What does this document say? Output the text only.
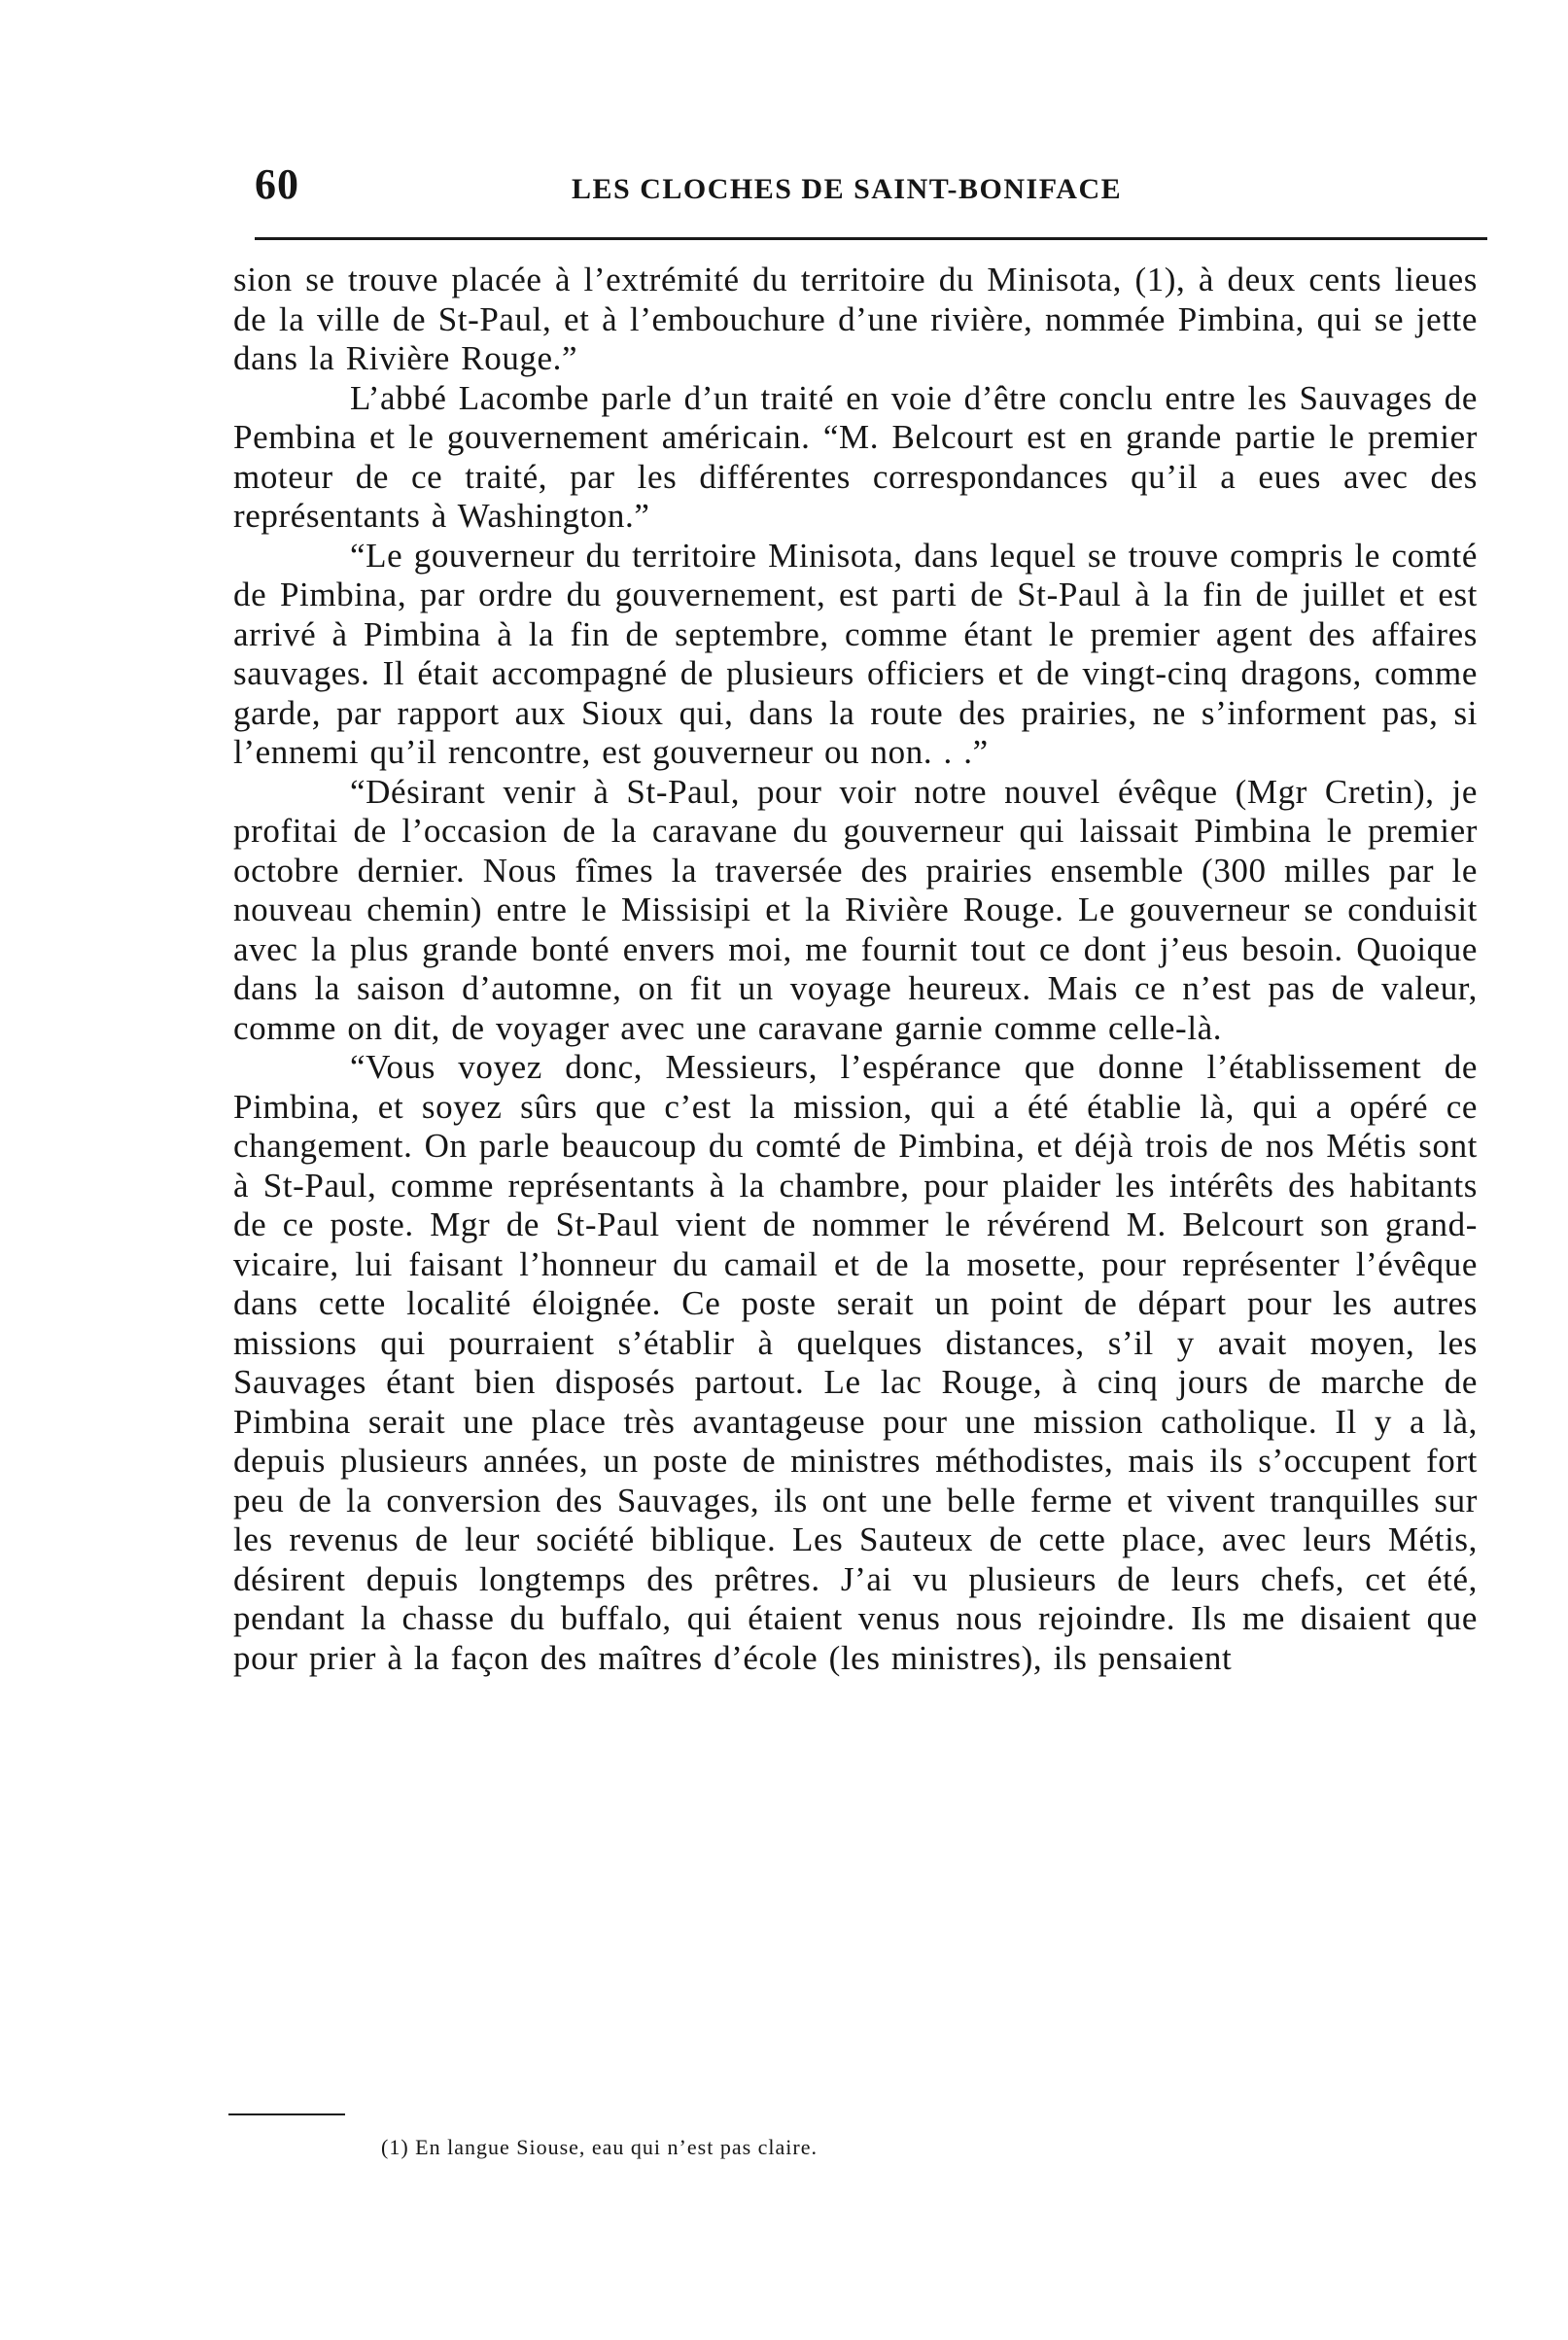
60	LES CLOCHES DE SAINT-BONIFACE

sion se trouve placée à l’extrémité du territoire du Minisota, (1), à deux cents lieues de la ville de St-Paul, et à l’embouchure d’une rivière, nommée Pimbina, qui se jette dans la Rivière Rouge.”

L’abbé Lacombe parle d’un traité en voie d’être conclu entre les Sauvages de Pembina et le gouvernement américain. “M. Belcourt est en grande partie le premier moteur de ce traité, par les différentes correspondances qu’il a eues avec des représentants à Washington.”

“Le gouverneur du territoire Minisota, dans lequel se trouve compris le comté de Pimbina, par ordre du gouvernement, est parti de St-Paul à la fin de juillet et est arrivé à Pimbina à la fin de septembre, comme étant le premier agent des affaires sauvages. Il était accompagné de plusieurs officiers et de vingt-cinq dragons, comme garde, par rapport aux Sioux qui, dans la route des prairies, ne s’informent pas, si l’ennemi qu’il rencontre, est gouverneur ou non. . .”

“Désirant venir à St-Paul, pour voir notre nouvel évêque (Mgr Cretin), je profitai de l’occasion de la caravane du gouverneur qui laissait Pimbina le premier octobre dernier. Nous fîmes la traversée des prairies ensemble (300 milles par le nouveau chemin) entre le Missisipi et la Rivière Rouge. Le gouverneur se conduisit avec la plus grande bonté envers moi, me fournit tout ce dont j’eus besoin. Quoique dans la saison d’automne, on fit un voyage heureux. Mais ce n’est pas de valeur, comme on dit, de voyager avec une caravane garnie comme celle-là.

“Vous voyez donc, Messieurs, l’espérance que donne l’établissement de Pimbina, et soyez sûrs que c’est la mission, qui a été établie là, qui a opéré ce changement. On parle beaucoup du comté de Pimbina, et déjà trois de nos Métis sont à St-Paul, comme représentants à la chambre, pour plaider les intérêts des habitants de ce poste. Mgr de St-Paul vient de nommer le révérend M. Belcourt son grand-vicaire, lui faisant l’honneur du camail et de la mosette, pour représenter l’évêque dans cette localité éloignée. Ce poste serait un point de départ pour les autres missions qui pourraient s’établir à quelques distances, s’il y avait moyen, les Sauvages étant bien disposés partout. Le lac Rouge, à cinq jours de marche de Pimbina serait une place très avantageuse pour une mission catholique. Il y a là, depuis plusieurs années, un poste de ministres méthodistes, mais ils s’occupent fort peu de la conversion des Sauvages, ils ont une belle ferme et vivent tranquilles sur les revenus de leur société biblique. Les Sauteux de cette place, avec leurs Métis, désirent depuis longtemps des prêtres. J’ai vu plusieurs de leurs chefs, cet été, pendant la chasse du buffalo, qui étaient venus nous rejoindre. Ils me disaient que pour prier à la façon des maîtres d’école (les ministres), ils pensaient

(1) En langue Siouse, eau qui n’est pas claire.
